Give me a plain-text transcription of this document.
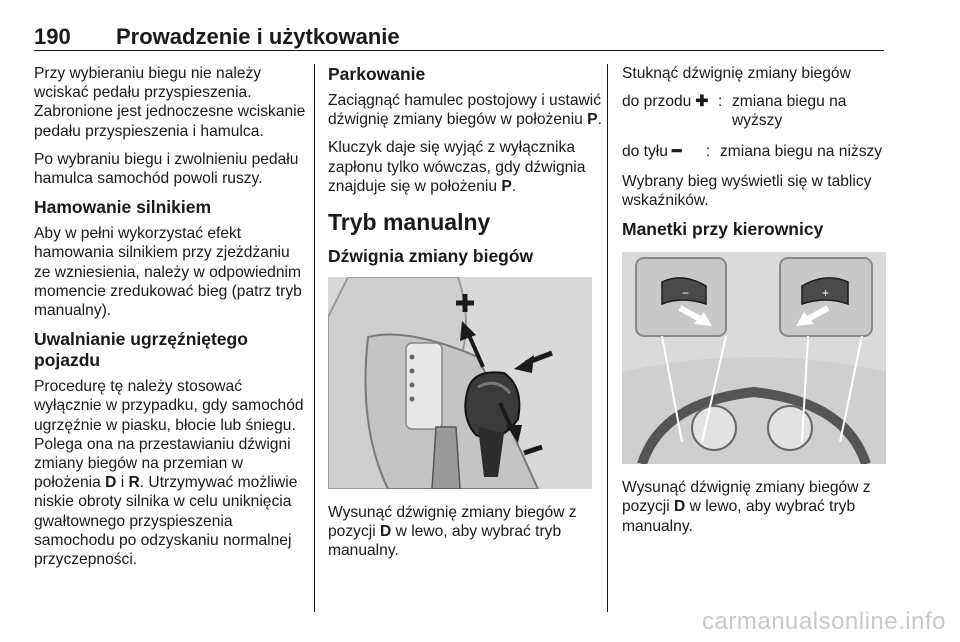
190 Prowadzenie i użytkowanie

Przy wybieraniu biegu nie należy wciskać pedału przyspieszenia. Zabronione jest jednoczesne wciskanie pedału przyspieszenia i hamulca.

Po wybraniu biegu i zwolnieniu pedału hamulca samochód powoli ruszy.

Hamowanie silnikiem

Aby w pełni wykorzystać efekt hamowania silnikiem przy zjeżdżaniu ze wzniesienia, należy w odpowiednim momencie zredukować bieg (patrz tryb manualny).

Uwalnianie ugrzęźniętego pojazdu

Procedurę tę należy stosować wyłącznie w przypadku, gdy samochód ugrzęźnie w piasku, błocie lub śniegu. Polega ona na przestawianiu dźwigni zmiany biegów na przemian w położenia D i R. Utrzymywać możliwie niskie obroty silnika w celu uniknięcia gwałtownego przyspieszenia samochodu po odzyskaniu normalnej przyczepności.

Parkowanie

Zaciągnąć hamulec postojowy i ustawić dźwignię zmiany biegów w położeniu P.

Kluczyk daje się wyjąć z wyłącznika zapłonu tylko wówczas, gdy dźwignia znajduje się w położeniu P.

Tryb manualny
Dźwignia zmiany biegów

Wysunąć dźwignię zmiany biegów z pozycji D w lewo, aby wybrać tryb manualny.

Stuknąć dźwignię zmiany biegów

do przodu ✚ : zmiana biegu na wyższy
do tyłu ━ : zmiana biegu na niższy

Wybrany bieg wyświetli się w tablicy wskaźników.

Manetki przy kierownicy
−	+

Wysunąć dźwignię zmiany biegów z pozycji D w lewo, aby wybrać tryb manualny.

carmanualsonline.info
